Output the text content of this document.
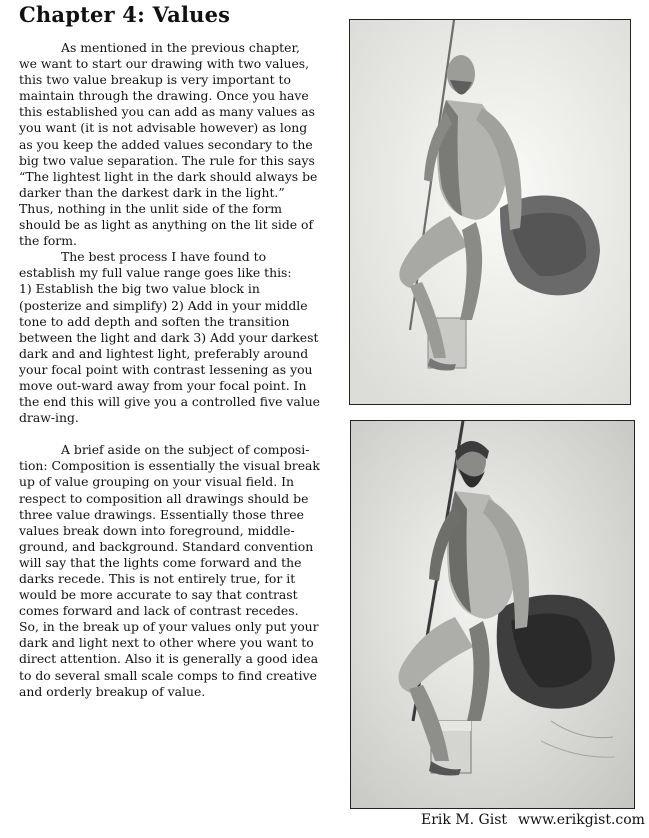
Chapter 4: Values

As mentioned in the previous chapter, we want to start our drawing with two values, this two value breakup is very important to maintain through the drawing. Once you have this established you can add as many values as you want (it is not advisable however) as long as you keep the added values secondary to the big two value separation. The rule for this says “The lightest light in the dark should always be darker than the darkest dark in the light.” Thus, nothing in the unlit side of the form should be as light as anything on the lit side of the form.

The best process I have found to establish my full value range goes like this:

1) Establish the big two value block in (posterize and simplify) 2) Add in your middle tone to add depth and soften the transition between the light and dark 3) Add your darkest dark and and lightest light, preferably around your focal point with contrast lessening as you move out-ward away from your focal point. In the end this will give you a controlled five value draw-ing.

A brief aside on the subject of composi-tion: Composition is essentially the visual break up of value grouping on your visual field. In respect to composition all drawings should be three value drawings. Essentially those three values break down into foreground, middle-ground, and background. Standard convention will say that the lights come forward and the darks recede. This is not entirely true, for it would be more accurate to say that contrast comes forward and lack of contrast recedes. So, in the break up of your values only put your dark and light next to other where you want to direct attention. Also it is generally a good idea to do several small scale comps to find creative and orderly breakup of value.

Erik M. Gist www.erikgist.com
